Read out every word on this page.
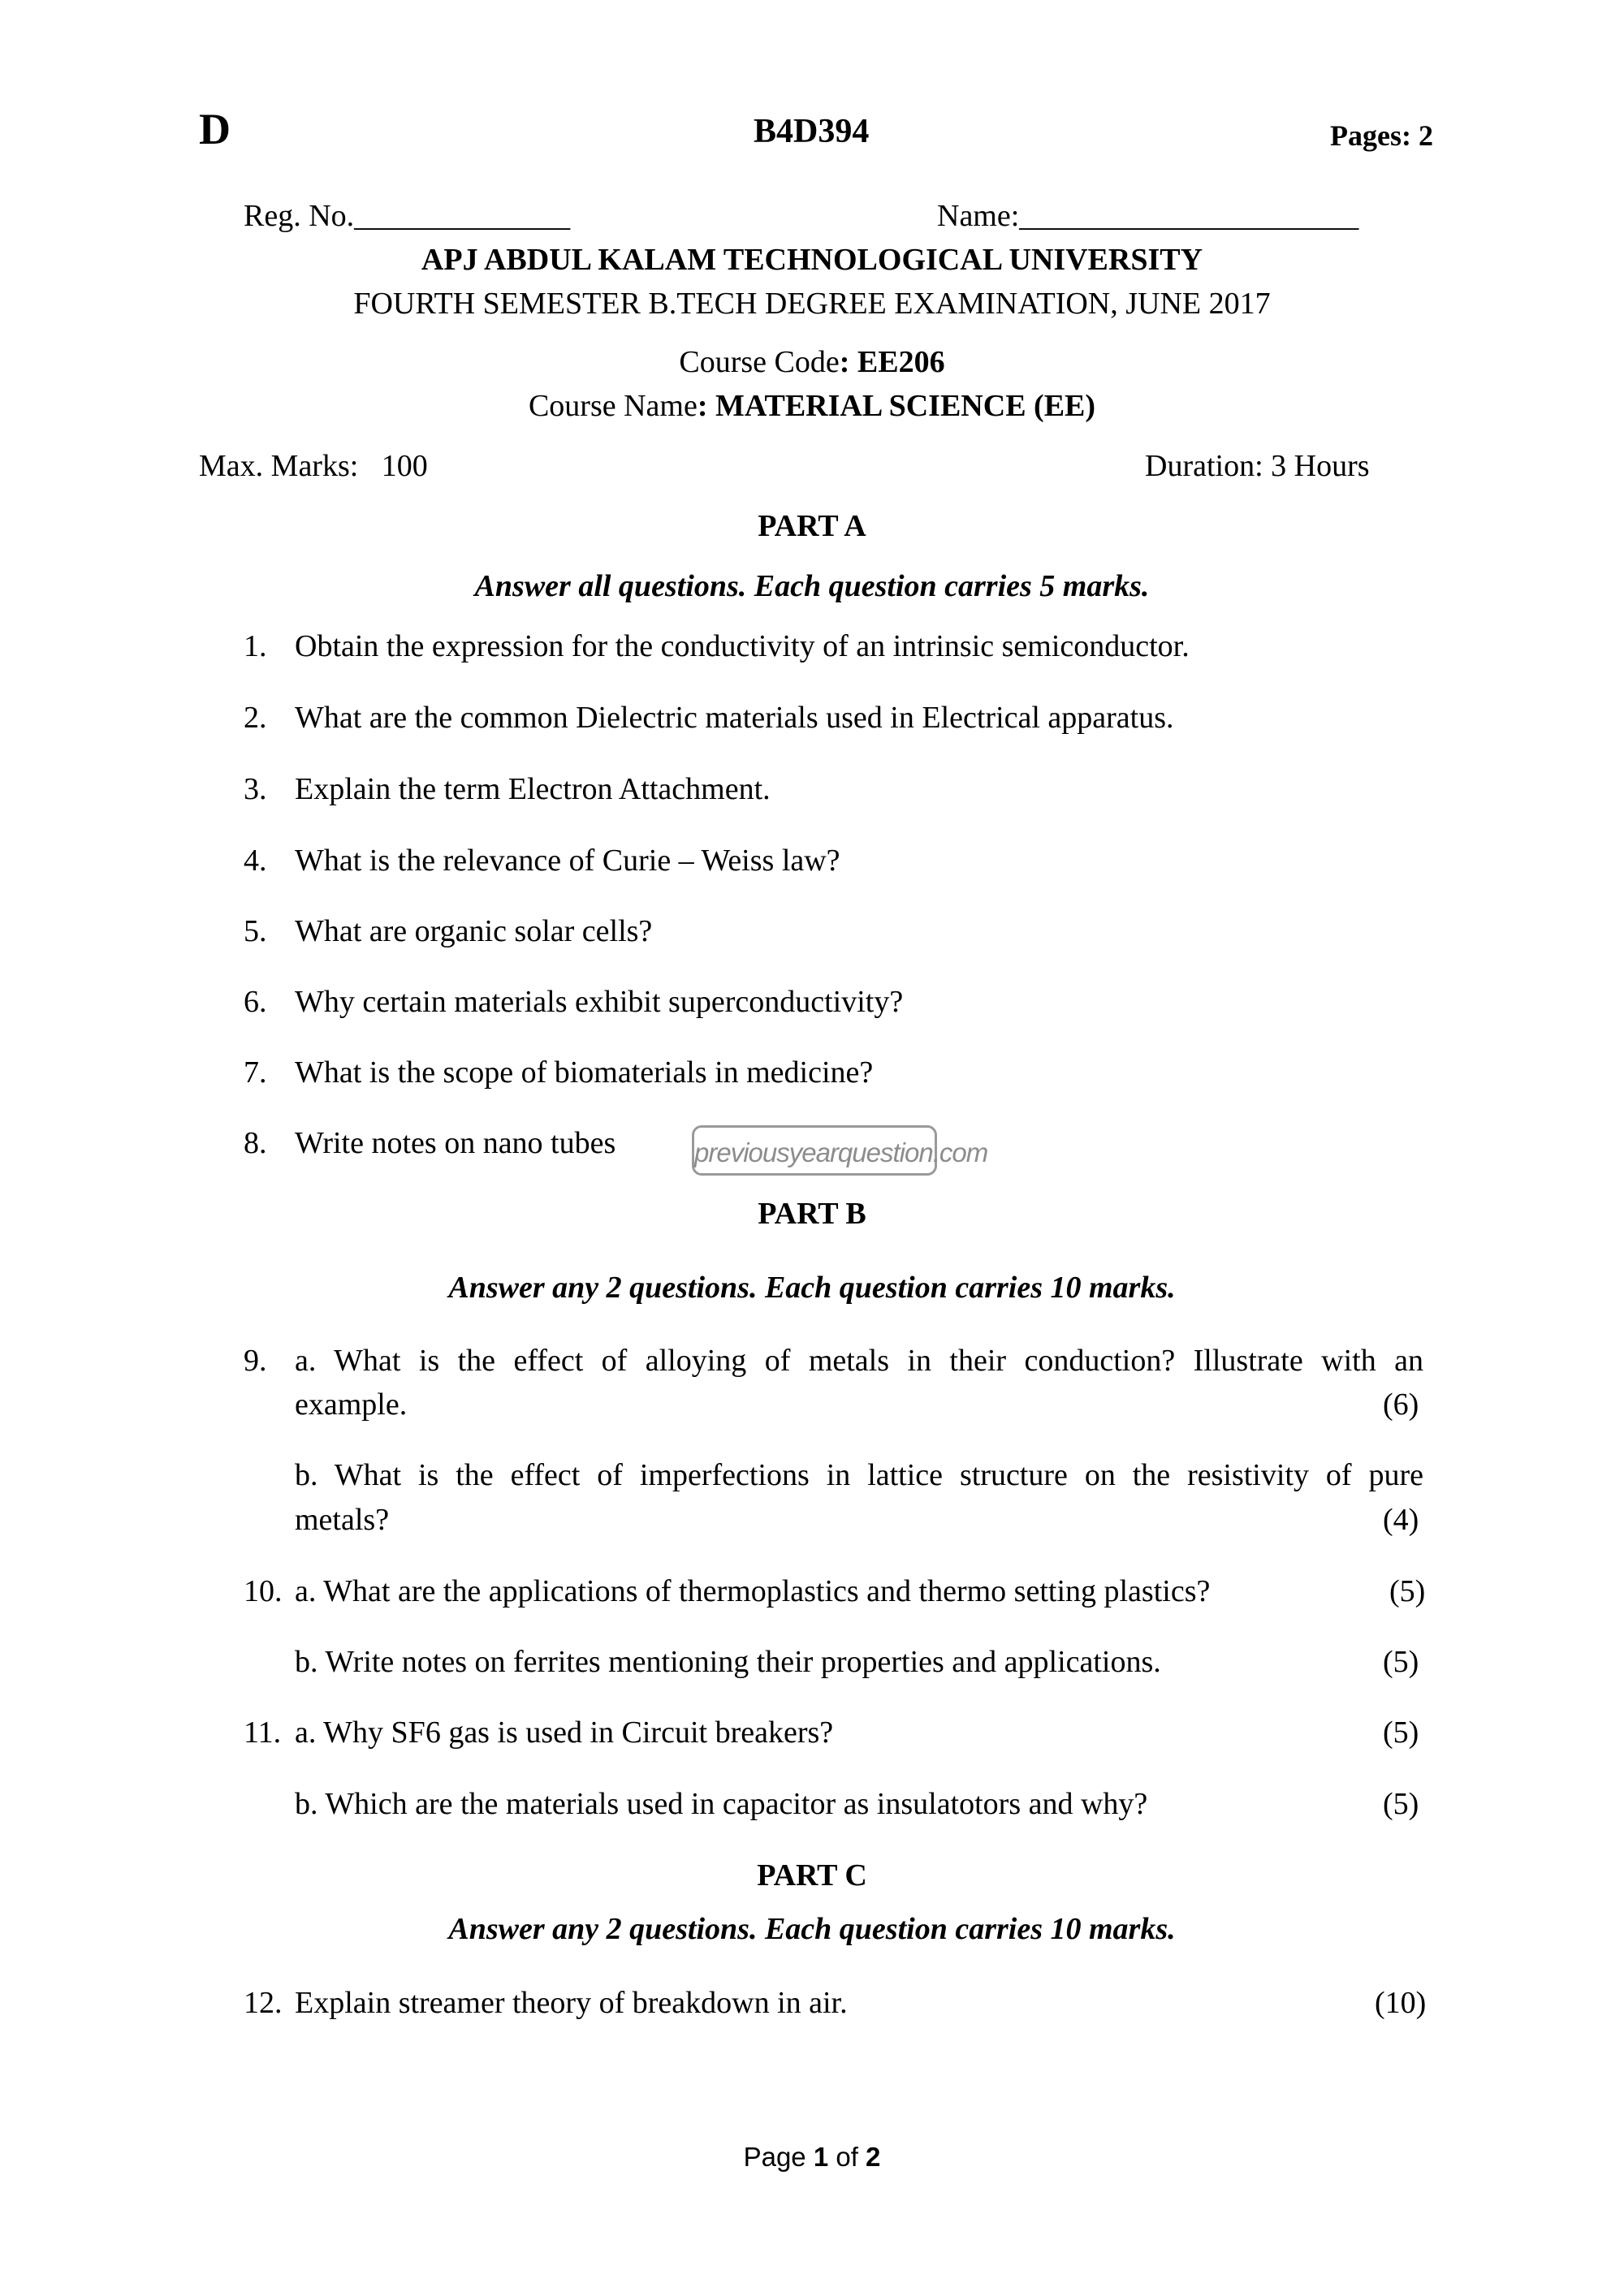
D	B4D394	Pages: 2
Reg. No.______________	Name:______________________
APJ ABDUL KALAM TECHNOLOGICAL UNIVERSITY
FOURTH SEMESTER B.TECH DEGREE EXAMINATION, JUNE 2017
Course Code: EE206
Course Name: MATERIAL SCIENCE (EE)
Max. Marks:   100	Duration: 3 Hours
PART A
Answer all questions. Each question carries 5 marks.
1. Obtain the expression for the conductivity of an intrinsic semiconductor.
2. What are the common Dielectric materials used in Electrical apparatus.
3. Explain the term Electron Attachment.
4. What is the relevance of Curie – Weiss law?
5. What are organic solar cells?
6. Why certain materials exhibit superconductivity?
7. What is the scope of biomaterials in medicine?
8. Write notes on nano tubes	previousyearquestion.com
PART B
Answer any 2 questions. Each question carries 10 marks.
9. a. What is the effect of alloying of metals in their conduction? Illustrate with an
example.	(6)
b. What is the effect of imperfections in lattice structure on the resistivity of pure
metals?	(4)
10. a. What are the applications of thermoplastics and thermo setting plastics?	(5)
b. Write notes on ferrites mentioning their properties and applications.	(5)
11. a. Why SF6 gas is used in Circuit breakers?	(5)
b. Which are the materials used in capacitor as insulatotors and why?	(5)
PART C
Answer any 2 questions. Each question carries 10 marks.
12. Explain streamer theory of breakdown in air.	(10)
Page 1 of 2
